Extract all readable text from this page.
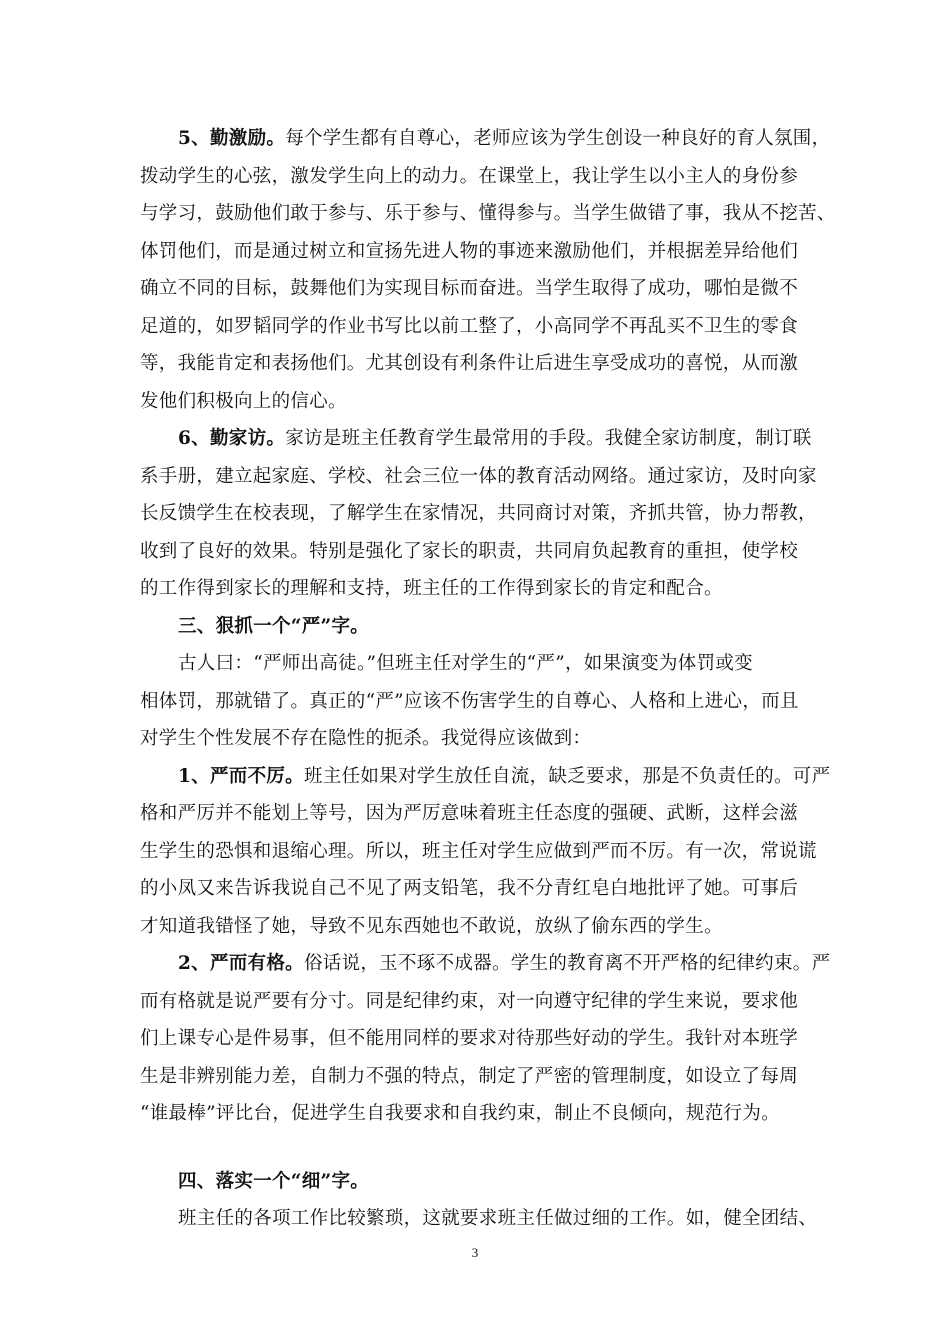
5、勤激励。每个学生都有自尊心，老师应该为学生创设一种良好的育人氛围，
拨动学生的心弦，激发学生向上的动力。在课堂上，我让学生以小主人的身份参
与学习，鼓励他们敢于参与、乐于参与、懂得参与。当学生做错了事，我从不挖苦、
体罚他们，而是通过树立和宣扬先进人物的事迹来激励他们，并根据差异给他们
确立不同的目标，鼓舞他们为实现目标而奋进。当学生取得了成功，哪怕是微不
足道的，如罗韬同学的作业书写比以前工整了，小高同学不再乱买不卫生的零食
等，我能肯定和表扬他们。尤其创设有利条件让后进生享受成功的喜悦，从而激
发他们积极向上的信心。
6、勤家访。家访是班主任教育学生最常用的手段。我健全家访制度，制订联
系手册，建立起家庭、学校、社会三位一体的教育活动网络。通过家访，及时向家
长反馈学生在校表现，了解学生在家情况，共同商讨对策，齐抓共管，协力帮教，
收到了良好的效果。特别是强化了家长的职责，共同肩负起教育的重担，使学校
的工作得到家长的理解和支持，班主任的工作得到家长的肯定和配合。
三、狠抓一个“严”字。
古人曰：“严师出高徒。”但班主任对学生的“严”，如果演变为体罚或变
相体罚，那就错了。真正的“严”应该不伤害学生的自尊心、人格和上进心，而且
对学生个性发展不存在隐性的扼杀。我觉得应该做到：
1、严而不厉。班主任如果对学生放任自流，缺乏要求，那是不负责任的。可严
格和严厉并不能划上等号，因为严厉意味着班主任态度的强硬、武断，这样会滋
生学生的恐惧和退缩心理。所以，班主任对学生应做到严而不厉。有一次，常说谎
的小凤又来告诉我说自己不见了两支铅笔，我不分青红皂白地批评了她。可事后
才知道我错怪了她，导致不见东西她也不敢说，放纵了偷东西的学生。
2、严而有格。俗话说，玉不琢不成器。学生的教育离不开严格的纪律约束。严
而有格就是说严要有分寸。同是纪律约束，对一向遵守纪律的学生来说，要求他
们上课专心是件易事，但不能用同样的要求对待那些好动的学生。我针对本班学
生是非辨别能力差，自制力不强的特点，制定了严密的管理制度，如设立了每周
“谁最棒”评比台，促进学生自我要求和自我约束，制止不良倾向，规范行为。
四、落实一个“细”字。
班主任的各项工作比较繁琐，这就要求班主任做过细的工作。如，健全团结、
3
